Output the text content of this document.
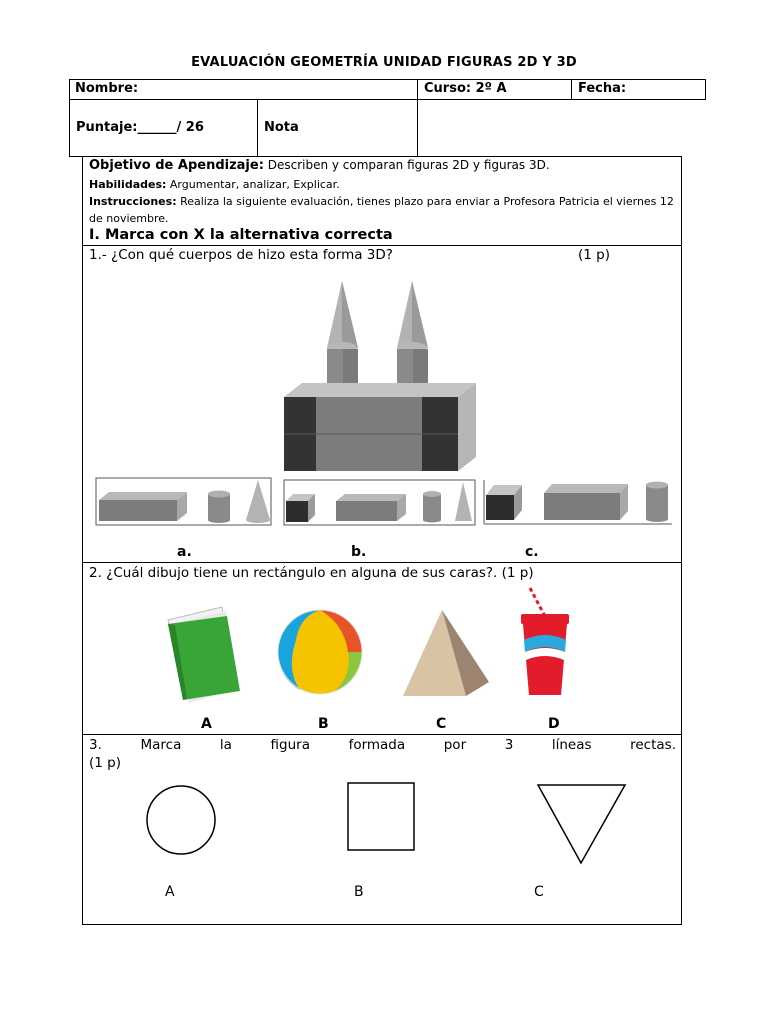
EVALUACIÓN GEOMETRÍA UNIDAD FIGURAS 2D Y 3D
Nombre:	Curso: 2º A	Fecha:
Puntaje:______/ 26	Nota
Objetivo de Apendizaje: Describen y comparan figuras 2D y figuras 3D.
Habilidades: Argumentar, analizar, Explicar.
Instrucciones: Realiza la siguiente evaluación, tienes plazo para enviar a Profesora Patricia el viernes 12 de noviembre.
I. Marca con X la alternativa correcta
1.- ¿Con qué cuerpos de hizo esta forma 3D?	(1 p)
a.	b.	c.
2. ¿Cuál dibujo tiene un rectángulo en alguna de sus caras?. (1 p)
A	B	C	D
3.	Marca	la	figura	formada	por	3	líneas	rectas.
(1 p)
A	B	C
